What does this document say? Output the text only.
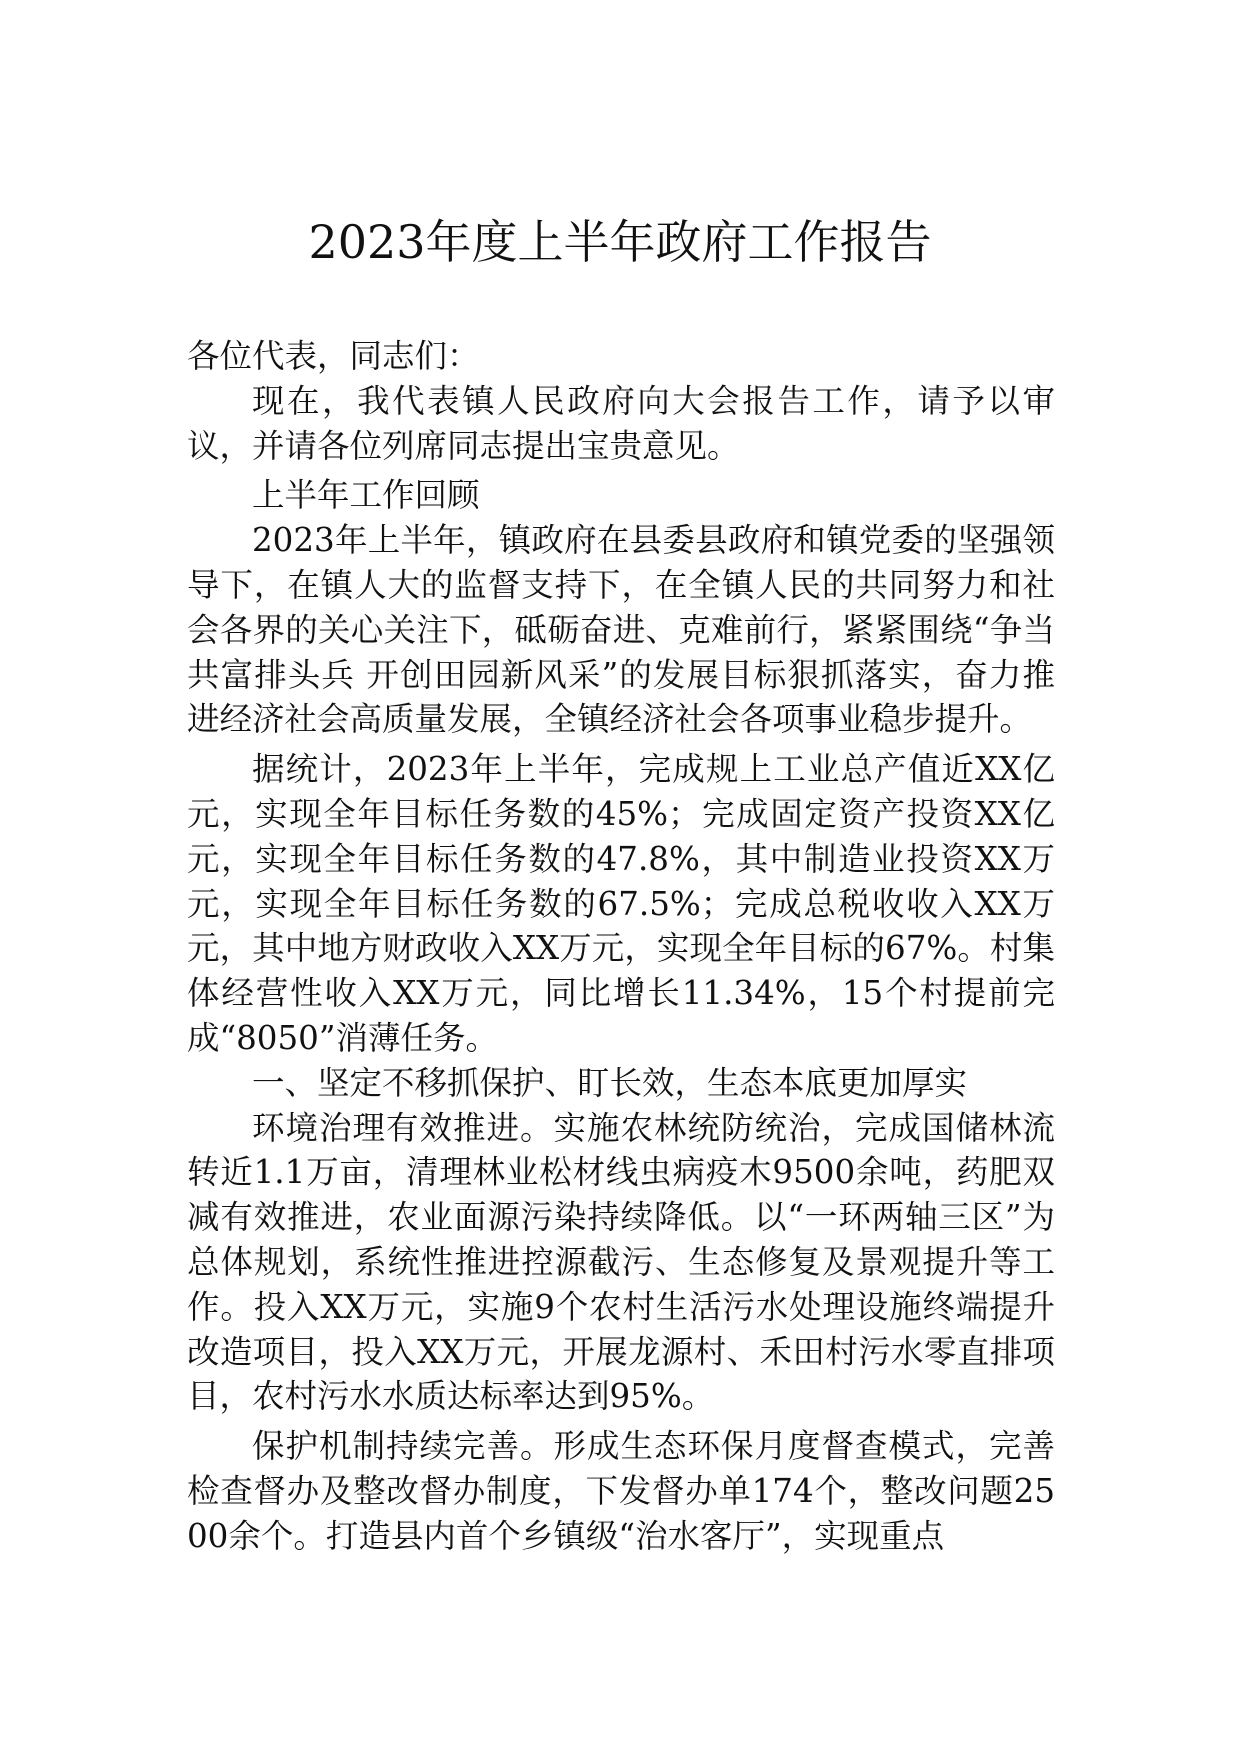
2023年度上半年政府工作报告

各位代表，同志们：

现在，我代表镇人民政府向大会报告工作，请予以审议，并请各位列席同志提出宝贵意见。

上半年工作回顾

2023年上半年，镇政府在县委县政府和镇党委的坚强领导下，在镇人大的监督支持下，在全镇人民的共同努力和社会各界的关心关注下，砥砺奋进、克难前行，紧紧围绕“争当共富排头兵 开创田园新风采”的发展目标狠抓落实，奋力推进经济社会高质量发展，全镇经济社会各项事业稳步提升。

据统计，2023年上半年，完成规上工业总产值近XX亿元，实现全年目标任务数的45%；完成固定资产投资XX亿元，实现全年目标任务数的47.8%，其中制造业投资XX万元，实现全年目标任务数的67.5%；完成总税收收入XX万元，其中地方财政收入XX万元，实现全年目标的67%。村集体经营性收入XX万元，同比增长11.34%，15个村提前完成“8050”消薄任务。

一、坚定不移抓保护、盯长效，生态本底更加厚实

环境治理有效推进。实施农林统防统治，完成国储林流转近1.1万亩，清理林业松材线虫病疫木9500余吨，药肥双减有效推进，农业面源污染持续降低。以“一环两轴三区”为总体规划，系统性推进控源截污、生态修复及景观提升等工作。投入XX万元，实施9个农村生活污水处理设施终端提升改造项目，投入XX万元，开展龙源村、禾田村污水零直排项目，农村污水水质达标率达到95%。

保护机制持续完善。形成生态环保月度督查模式，完善检查督办及整改督办制度，下发督办单174个，整改问题2500余个。打造县内首个乡镇级“治水客厅”，实现重点
